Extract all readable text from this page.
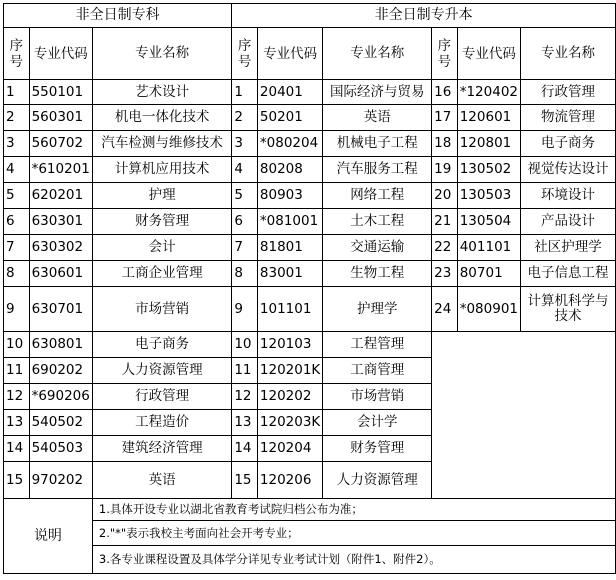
非全日制专科			非全日制专升本					
序号	专业代码	专业名称	序号	专业代码	专业名称	序号	专业代码	专业名称
1	550101	艺术设计	1	20401	国际经济与贸易	16	*120402	行政管理
2	560301	机电一体化技术	2	50201	英语	17	120601	物流管理
3	560702	汽车检测与维修技术	3	*080204	机械电子工程	18	120801	电子商务
4	*610201	计算机应用技术	4	80208	汽车服务工程	19	130502	视觉传达设计
5	620201	护理	5	80903	网络工程	20	130503	环境设计
6	630301	财务管理	6	*081001	土木工程	21	130504	产品设计
7	630302	会计	7	81801	交通运输	22	401101	社区护理学
8	630601	工商企业管理	8	83001	生物工程	23	80701	电子信息工程
9	630701	市场营销	9	101101	护理学	24	*080901	计算机科学与技术
10	630801	电子商务	10	120103	工程管理			
11	690202	人力资源管理	11	120201K	工商管理			
12	*690206	行政管理	12	120202	市场营销			
13	540502	工程造价	13	120203K	会计学			
14	540503	建筑经济管理	14	120204	财务管理			
15	970202	英语	15	120206	人力资源管理			
说明		1.具体开设专业以湖北省教育考试院归档公布为准；						
		2."*"表示我校主考面向社会开考专业；						
		3.各专业课程设置及具体学分详见专业考试计划（附件1、附件2）。						
